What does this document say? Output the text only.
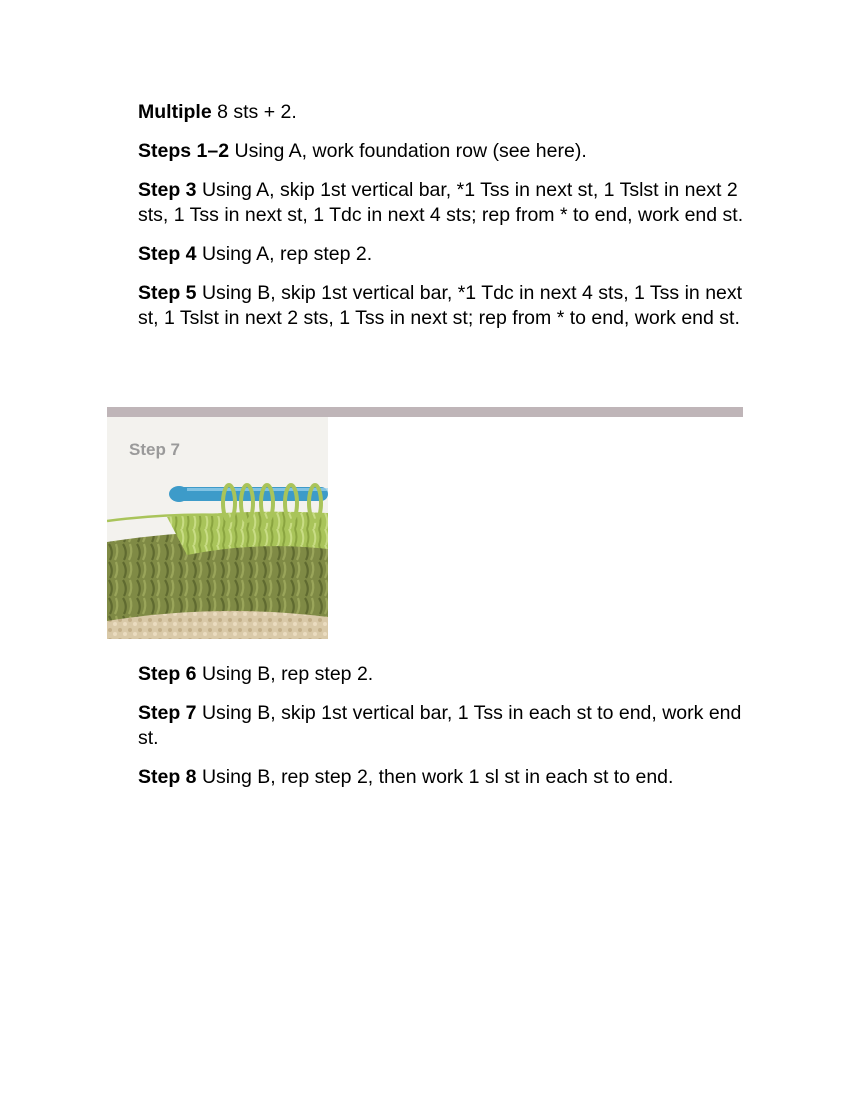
Multiple 8 sts + 2.

Steps 1–2 Using A, work foundation row (see here).

Step 3 Using A, skip 1st vertical bar, *1 Tss in next st, 1 Tslst in next 2 sts, 1 Tss in next st, 1 Tdc in next 4 sts; rep from * to end, work end st.

Step 4 Using A, rep step 2.

Step 5 Using B, skip 1st vertical bar, *1 Tdc in next 4 sts, 1 Tss in next st, 1 Tslst in next 2 sts, 1 Tss in next st; rep from * to end, work end st.

Step 7

Step 6 Using B, rep step 2.

Step 7 Using B, skip 1st vertical bar, 1 Tss in each st to end, work end st.

Step 8 Using B, rep step 2, then work 1 sl st in each st to end.
